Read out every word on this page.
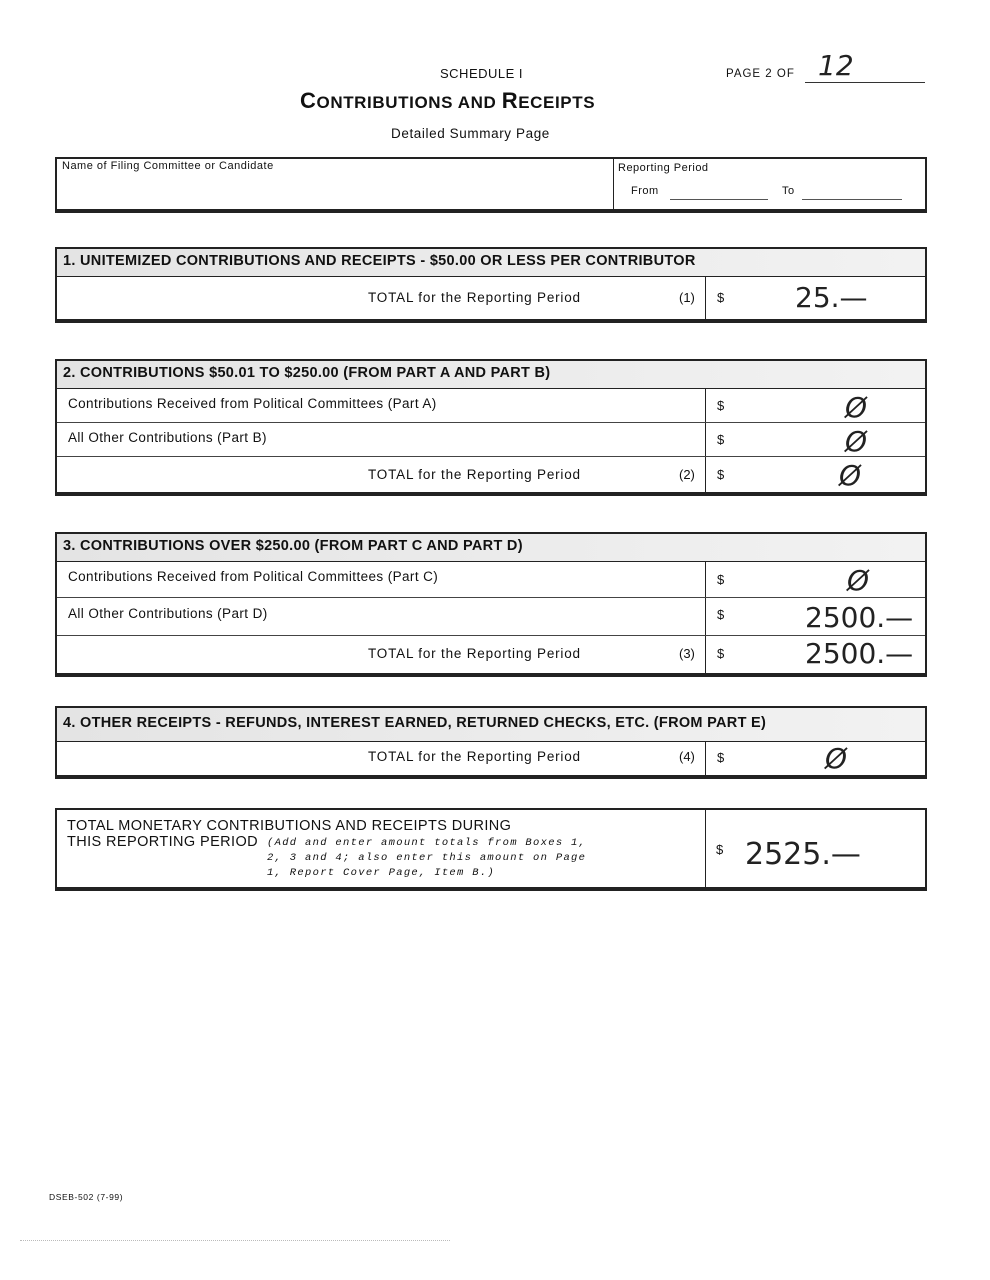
SCHEDULE I
CONTRIBUTIONS AND RECEIPTS
Detailed Summary Page
PAGE 2 OF 12
Name of Filing Committee or Candidate	Reporting Period
From	To
1. UNITEMIZED CONTRIBUTIONS AND RECEIPTS - $50.00 OR LESS PER CONTRIBUTOR
TOTAL for the Reporting Period	(1) $	25.—
2. CONTRIBUTIONS $50.01 TO $250.00 (FROM PART A AND PART B)
Contributions Received from Political Committees (Part A)	$	Ø
All Other Contributions (Part B)	$	Ø
TOTAL for the Reporting Period	(2) $	Ø
3. CONTRIBUTIONS OVER $250.00 (FROM PART C AND PART D)
Contributions Received from Political Committees (Part C)	$	Ø
All Other Contributions (Part D)	$	2500.—
TOTAL for the Reporting Period	(3) $	2500.—
4. OTHER RECEIPTS - REFUNDS, INTEREST EARNED, RETURNED CHECKS, ETC. (FROM PART E)
TOTAL for the Reporting Period	(4) $	Ø
TOTAL MONETARY CONTRIBUTIONS AND RECEIPTS DURING
THIS REPORTING PERIOD (Add and enter amount totals from Boxes 1, 2, 3 and 4; also enter this amount on Page 1, Report Cover Page, Item B.)
$ 2525.—
DSEB-502 (7-99)
